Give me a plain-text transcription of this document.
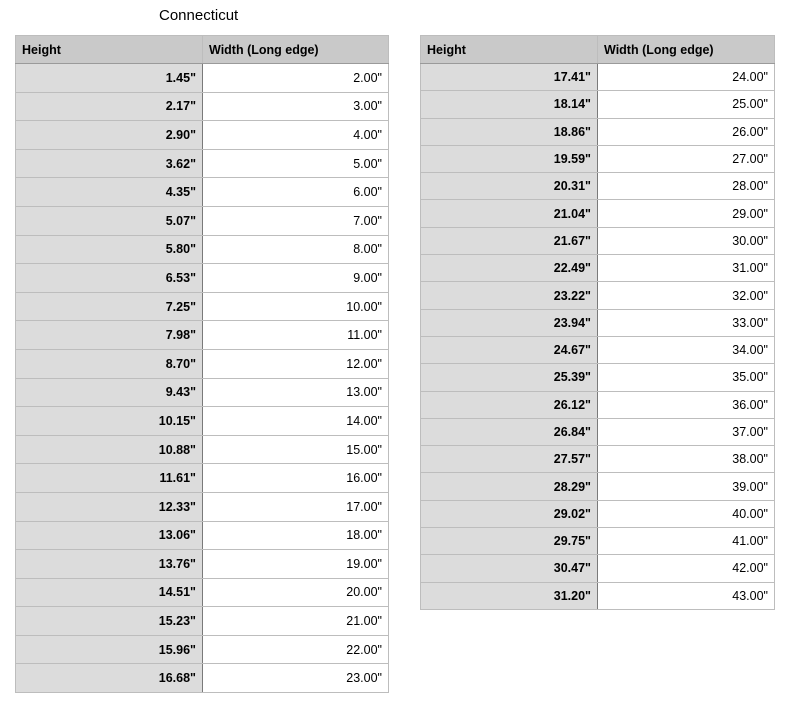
Connecticut
Height	Width (Long edge)
1.45"	2.00"
2.17"	3.00"
2.90"	4.00"
3.62"	5.00"
4.35"	6.00"
5.07"	7.00"
5.80"	8.00"
6.53"	9.00"
7.25"	10.00"
7.98"	11.00"
8.70"	12.00"
9.43"	13.00"
10.15"	14.00"
10.88"	15.00"
11.61"	16.00"
12.33"	17.00"
13.06"	18.00"
13.76"	19.00"
14.51"	20.00"
15.23"	21.00"
15.96"	22.00"
16.68"	23.00"
Height	Width (Long edge)
17.41"	24.00"
18.14"	25.00"
18.86"	26.00"
19.59"	27.00"
20.31"	28.00"
21.04"	29.00"
21.67"	30.00"
22.49"	31.00"
23.22"	32.00"
23.94"	33.00"
24.67"	34.00"
25.39"	35.00"
26.12"	36.00"
26.84"	37.00"
27.57"	38.00"
28.29"	39.00"
29.02"	40.00"
29.75"	41.00"
30.47"	42.00"
31.20"	43.00"
